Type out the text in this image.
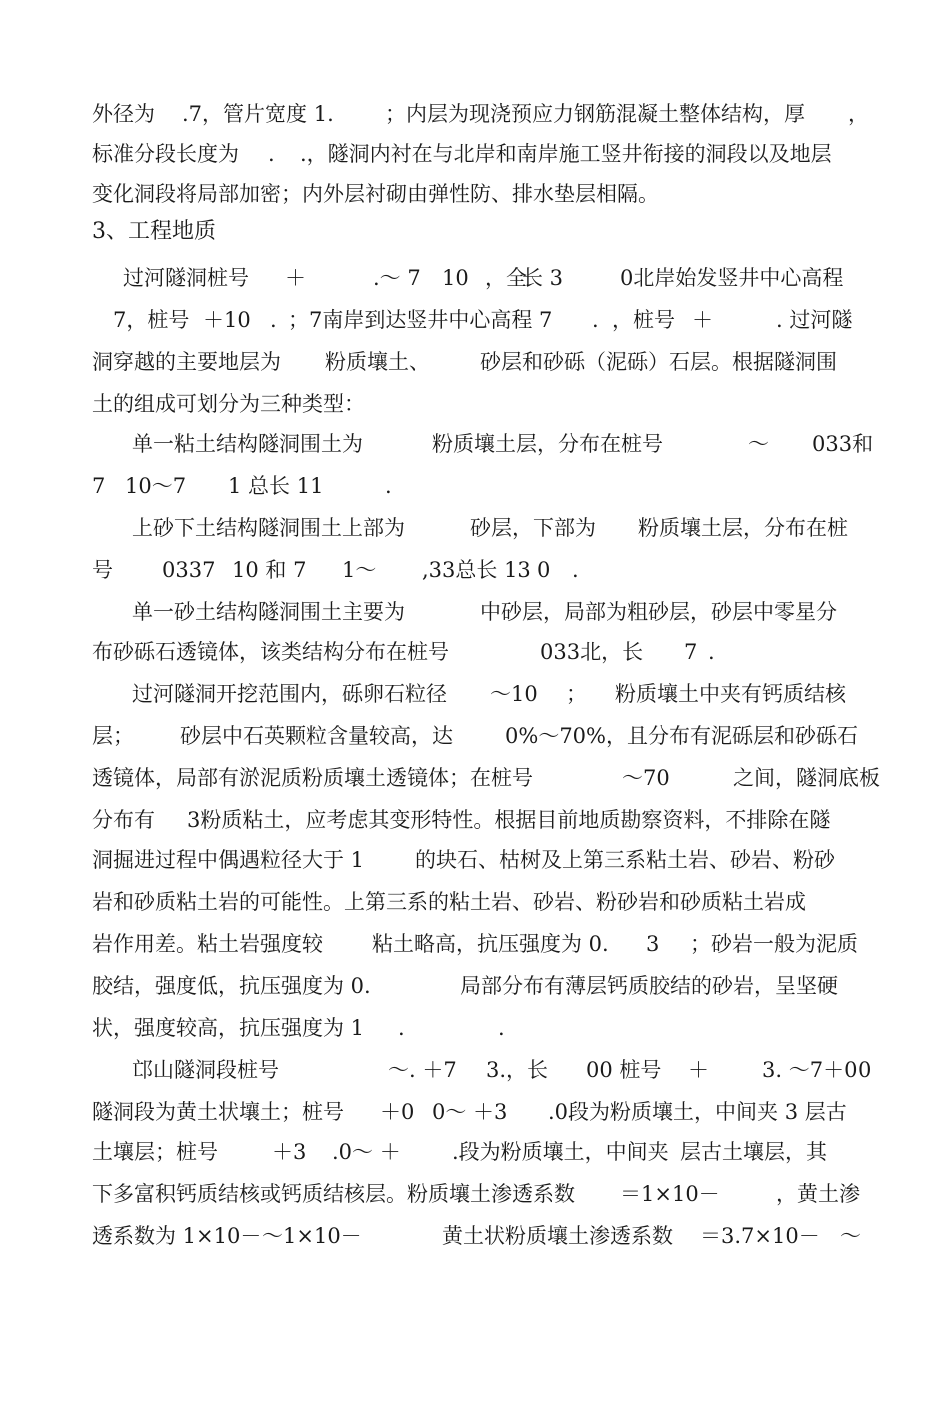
外径为

.7，管片宽度 1.

；内层为现浇预应力钢筋混凝土整体结构，厚

，

标准分段长度为

.

.，隧洞内衬在与北岸和南岸施工竖井衔接的洞段以及地层

变化洞段将局部加密；内外层衬砌由弹性防、排水垫层相隔。

3、工程地质

过河隧洞桩号

＋

	.～ 7

10

，全

长 3

	0北岸始发竖井中心高程

7，桩号

＋10

.

；7南岸到达竖井中心高程 7

.

，桩号

＋

	. 过河隧

洞穿越的主要地层为

粉质壤土、

砂层和砂砾（泥砾）石层。根据隧洞围

土的组成可划分为三种类型：

单一粘土结构隧洞围土为

	粉质壤土层，分布在桩号

	～

033和

7

10～7

1 总长 11

	.

上砂下土结构隧洞围土上部为

	砂层，下部为

粉质壤土层，分布在桩

号

0337

10 和 7

1～

,33总长 13

0

.

单一砂土结构隧洞围土主要为

	中砂层，局部为粗砂层，砂层中零星分

布砂砾石透镜体，该类结构分布在桩号

	033北，长

7

.

过河隧洞开挖范围内，砾卵石粒径

～10

；

粉质壤土中夹有钙质结核

层；

砂层中石英颗粒含量较高，达

0%～70%，且分布有泥砾层和砂砾石

透镜体，局部有淤泥质粉质壤土透镜体；在桩号

	～70

	之间，隧洞底板

分布有

3粉质粘土，应考虑其变形特性。根据目前地质勘察资料，不排除在隧

洞掘进过程中偶遇粒径大于 1

的块石、枯树及上第三系粘土岩、砂岩、粉砂

岩和砂质粘土岩的可能性。上第三系的粘土岩、砂岩、粉砂岩和砂质粘土岩成

岩作用差。粘土岩强度较

粘土略高，抗压强度为 0.

3

；砂岩一般为泥质

胶结，强度低，抗压强度为 0.

	局部分布有薄层钙质胶结的砂岩，呈坚硬

状，强度较高，抗压强度为 1

.

	.

邙山隧洞段桩号

	～. ＋7

3.，长

00 桩号

＋

	3. ～7＋0

0

隧洞段为黄土状壤土；桩号

＋0

0～ ＋3

.0段为粉质壤土，中间夹 3 层古

土壤层；桩号

	＋3

.0～ ＋

.段为粉质壤土，中间夹

层古土壤层，其

下多富积钙质结核或钙质结核层。粉质壤土渗透系数

＝1×10－

	，黄土渗

透系数为 1×10－

～1×10－

	黄土状粉质壤土渗透系数

＝3.7×10－

～
